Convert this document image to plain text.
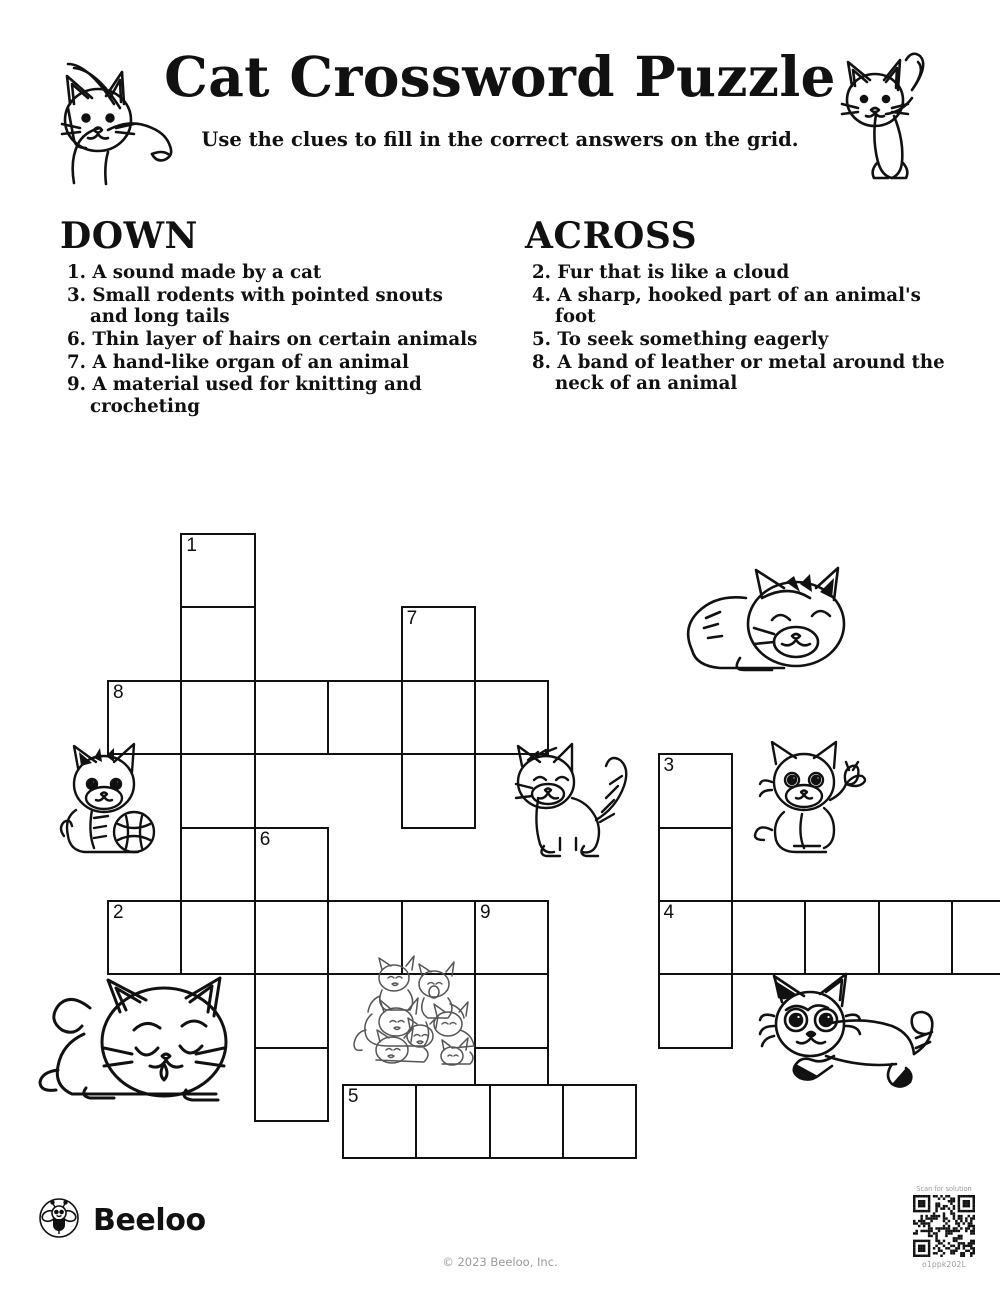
Cat Crossword Puzzle

Use the clues to fill in the correct answers on the grid.

DOWN
1. A sound made by a cat
3. Small rodents with pointed snouts and long tails
6. Thin layer of hairs on certain animals
7. A hand-like organ of an animal
9. A material used for knitting and crocheting
ACROSS
2. Fur that is like a cloud
4. A sharp, hooked part of an animal's foot
5. To seek something eagerly
8. A band of leather or metal around the neck of an animal
1
7
8
3
6
2	9	4
5
Beeloo
© 2023 Beeloo, Inc.
Scan for solution
o1ppk202L
